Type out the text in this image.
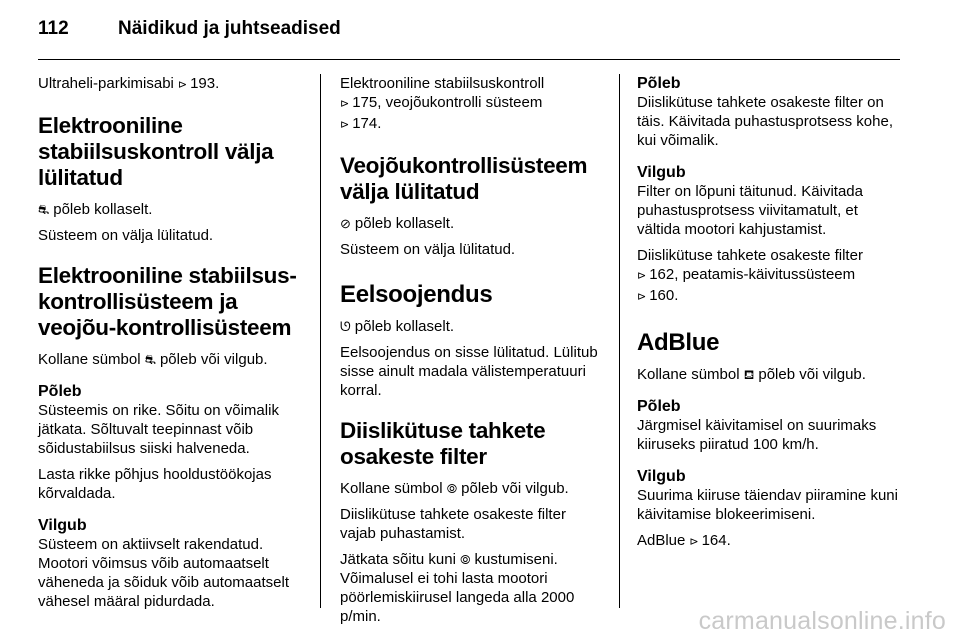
112	Näidikud ja juhtseadised

Ultraheli-parkimisabi ⊳ 193.

Elektrooniline stabiilsuskontroll välja lülitatud

⛐ põleb kollaselt.

Süsteem on välja lülitatud.

Elektrooniline stabiilsus-kontrollisüsteem ja veojõu-kontrollisüsteem

Kollane sümbol ⛐ põleb või vilgub.

Põleb

Süsteemis on rike. Sõitu on võimalik jätkata. Sõltuvalt teepinnast võib sõidustabiilsus siiski halveneda.

Lasta rikke põhjus hooldustöökojas kõrvaldada.

Vilgub

Süsteem on aktiivselt rakendatud. Mootori võimsus võib automaatselt väheneda ja sõiduk võib automaatselt vähesel määral pidurdada.

Elektrooniline stabiilsuskontroll
⊳ 175, veojõukontrolli süsteem
⊳ 174.

Veojõukontrollisüsteem välja lülitatud

⊘ põleb kollaselt.

Süsteem on välja lülitatud.

Eelsoojendus

ᘎ põleb kollaselt.

Eelsoojendus on sisse lülitatud. Lülitub sisse ainult madala välistemperatuuri korral.

Diislikütuse tahkete osakeste filter

Kollane sümbol ⦾ põleb või vilgub.

Diislikütuse tahkete osakeste filter vajab puhastamist.

Jätkata sõitu kuni ⦾ kustumiseni.
Võimalusel ei tohi lasta mootori pöörlemiskiirusel langeda alla 2000 p/min.

Põleb

Diislikütuse tahkete osakeste filter on täis. Käivitada puhastusprotsess kohe, kui võimalik.

Vilgub

Filter on lõpuni täitunud. Käivitada puhastusprotsess viivitamatult, et vältida mootori kahjustamist.

Diislikütuse tahkete osakeste filter
⊳ 162, peatamis-käivitussüsteem
⊳ 160.

AdBlue

Kollane sümbol ⛾ põleb või vilgub.

Põleb

Järgmisel käivitamisel on suurimaks kiiruseks piiratud 100 km/h.

Vilgub

Suurima kiiruse täiendav piiramine kuni käivitamise blokeerimiseni.

AdBlue ⊳ 164.

carmanualsonline.info
